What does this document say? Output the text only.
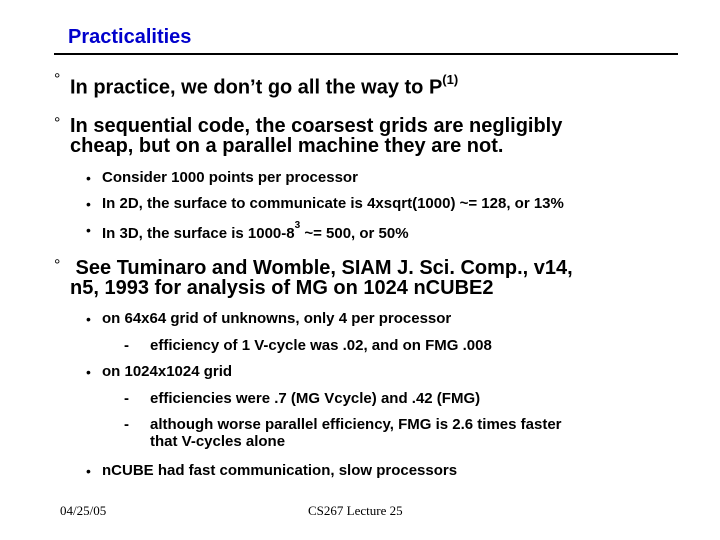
Practicalities
° In practice, we don’t go all the way to $P^{(1)}$
° In sequential code, the coarsest grids are negligibly
cheap, but on a parallel machine they are not.
• Consider 1000 points per processor
• In 2D, the surface to communicate is 4xsqrt(1000) ~= 128, or 13%
• In 3D, the surface is $1000-8^3$ ~= 500, or 50%
° See Tuminaro and Womble, SIAM J. Sci. Comp., v14,
n5, 1993 for analysis of MG on 1024 nCUBE2
• on 64x64 grid of unknowns, only 4 per processor
- efficiency of 1 V-cycle was .02, and on FMG .008
• on 1024x1024 grid
- efficiencies were .7 (MG Vcycle) and .42 (FMG)
- although worse parallel efficiency, FMG is 2.6 times faster
that V-cycles alone
• nCUBE had fast communication, slow processors
04/25/05	CS267 Lecture 25
